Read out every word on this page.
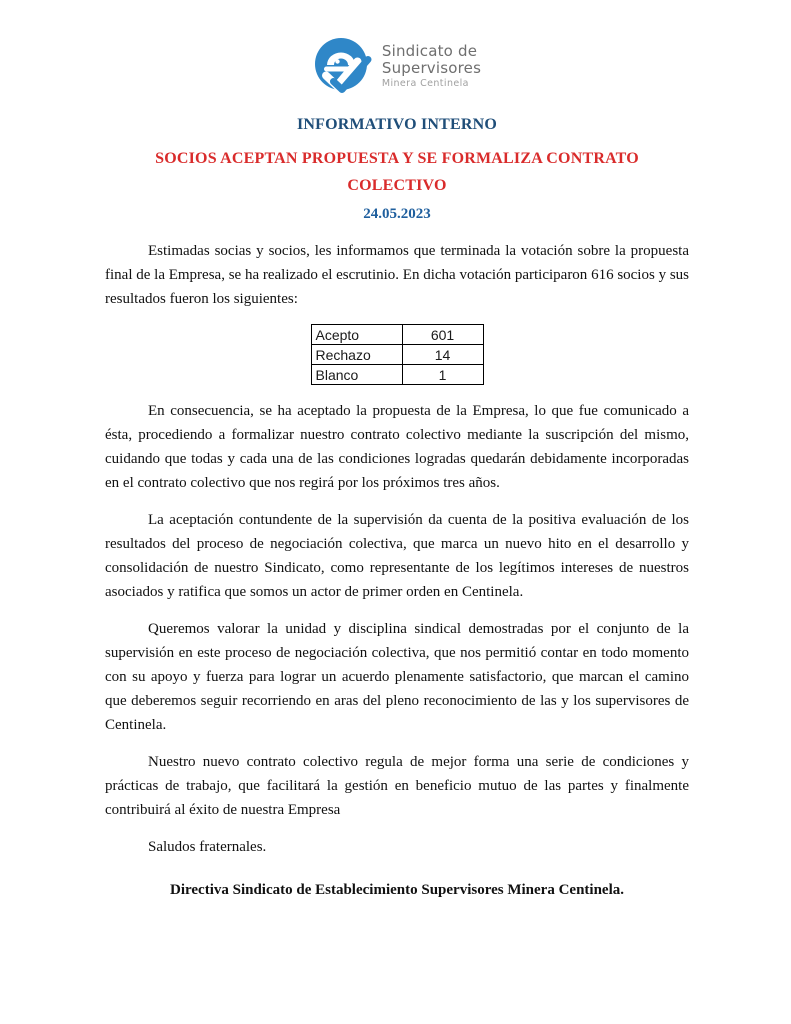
Sindicato de
Supervisores
Minera Centinela
INFORMATIVO INTERNO
SOCIOS ACEPTAN PROPUESTA Y SE FORMALIZA CONTRATO
COLECTIVO
24.05.2023

Estimadas socias y socios, les informamos que terminada la votación sobre la propuesta final de la Empresa, se ha realizado el escrutinio. En dicha votación participaron 616 socios y sus resultados fueron los siguientes:

Acepto	601
Rechazo	14
Blanco	1

En consecuencia, se ha aceptado la propuesta de la Empresa, lo que fue comunicado a ésta, procediendo a formalizar nuestro contrato colectivo mediante la suscripción del mismo, cuidando que todas y cada una de las condiciones logradas quedarán debidamente incorporadas en el contrato colectivo que nos regirá por los próximos tres años.

La aceptación contundente de la supervisión da cuenta de la positiva evaluación de los resultados del proceso de negociación colectiva, que marca un nuevo hito en el desarrollo y consolidación de nuestro Sindicato, como representante de los legítimos intereses de nuestros asociados y ratifica que somos un actor de primer orden en Centinela.

Queremos valorar la unidad y disciplina sindical demostradas por el conjunto de la supervisión en este proceso de negociación colectiva, que nos permitió contar en todo momento con su apoyo y fuerza para lograr un acuerdo plenamente satisfactorio, que marcan el camino que deberemos seguir recorriendo en aras del pleno reconocimiento de las y los supervisores de Centinela.

Nuestro nuevo contrato colectivo regula de mejor forma una serie de condiciones y prácticas de trabajo, que facilitará la gestión en beneficio mutuo de las partes y finalmente contribuirá al éxito de nuestra Empresa

Saludos fraternales.

Directiva Sindicato de Establecimiento Supervisores Minera Centinela.
